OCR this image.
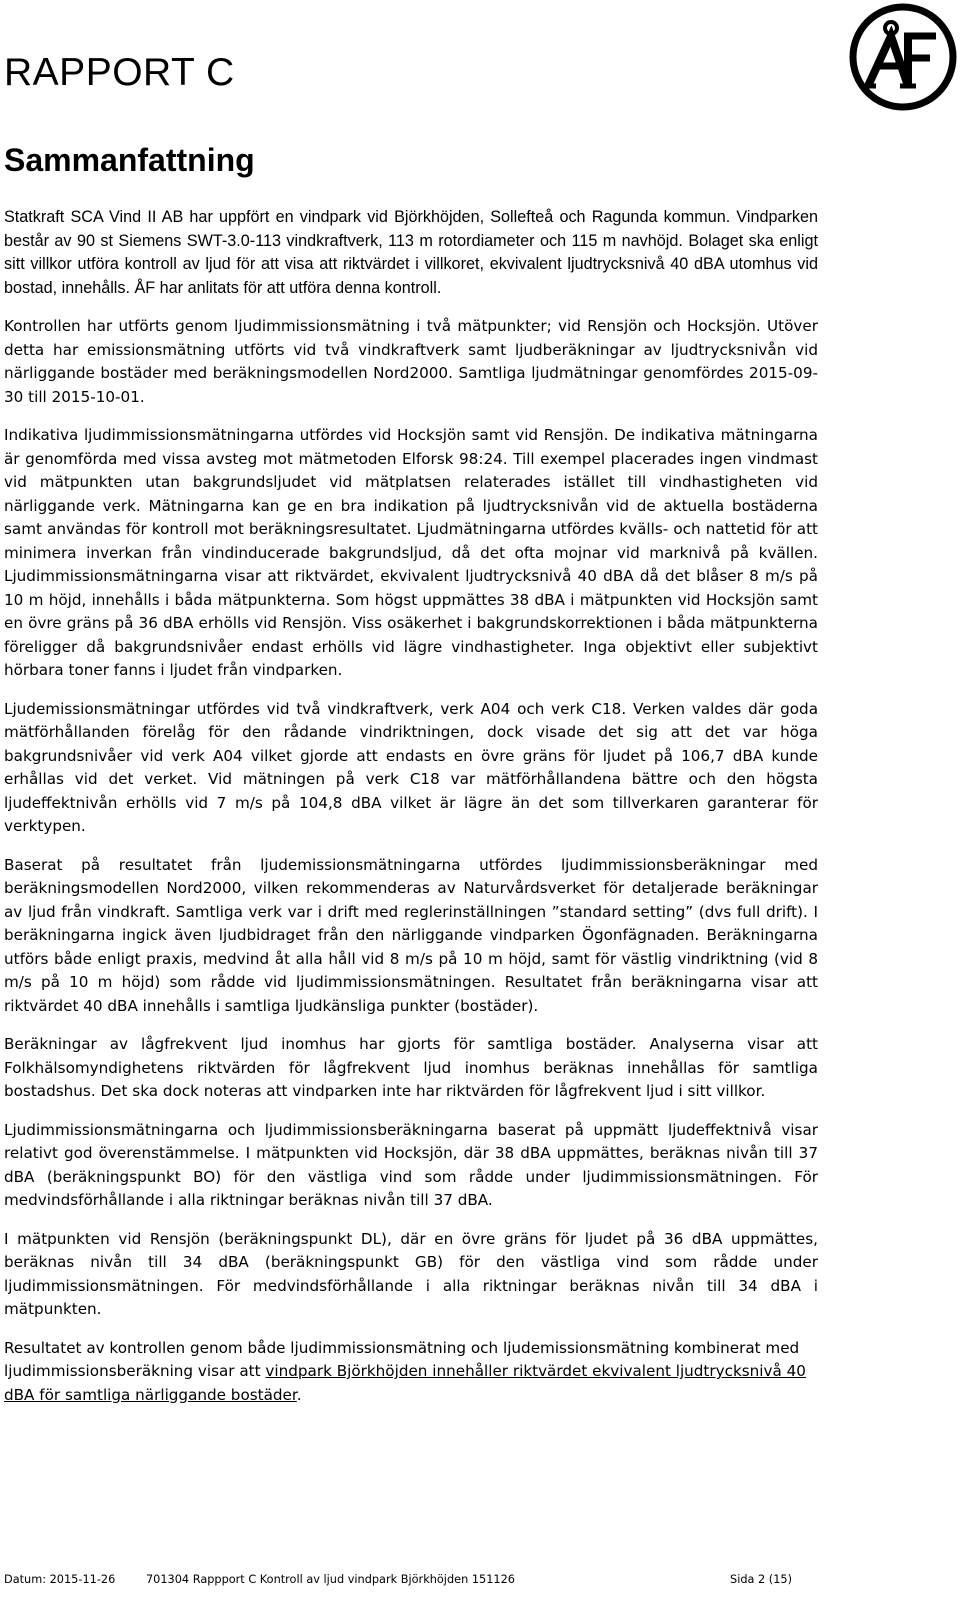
RAPPORT C
Sammanfattning

Statkraft SCA Vind II AB har uppfört en vindpark vid Björkhöjden, Sollefteå och Ragunda kommun. Vindparken består av 90 st Siemens SWT-3.0-113 vindkraftverk, 113 m rotordiameter och 115 m navhöjd. Bolaget ska enligt sitt villkor utföra kontroll av ljud för att visa att riktvärdet i villkoret, ekvivalent ljudtrycksnivå 40 dBA utomhus vid bostad, innehålls. ÅF har anlitats för att utföra denna kontroll.

Kontrollen har utförts genom ljudimmissionsmätning i två mätpunkter; vid Rensjön och Hocksjön. Utöver detta har emissionsmätning utförts vid två vindkraftverk samt ljudberäkningar av ljudtrycksnivån vid närliggande bostäder med beräkningsmodellen Nord2000. Samtliga ljudmätningar genomfördes 2015-09-30 till 2015-10-01.

Indikativa ljudimmissionsmätningarna utfördes vid Hocksjön samt vid Rensjön. De indikativa mätningarna är genomförda med vissa avsteg mot mätmetoden Elforsk 98:24. Till exempel placerades ingen vindmast vid mätpunkten utan bakgrundsljudet vid mätplatsen relaterades istället till vindhastigheten vid närliggande verk. Mätningarna kan ge en bra indikation på ljudtrycksnivån vid de aktuella bostäderna samt användas för kontroll mot beräkningsresultatet. Ljudmätningarna utfördes kvälls- och nattetid för att minimera inverkan från vindinducerade bakgrundsljud, då det ofta mojnar vid marknivå på kvällen. Ljudimmissionsmätningarna visar att riktvärdet, ekvivalent ljudtrycksnivå 40 dBA då det blåser 8 m/s på 10 m höjd, innehålls i båda mätpunkterna. Som högst uppmättes 38 dBA i mätpunkten vid Hocksjön samt en övre gräns på 36 dBA erhölls vid Rensjön. Viss osäkerhet i bakgrundskorrektionen i båda mätpunkterna föreligger då bakgrundsnivåer endast erhölls vid lägre vindhastigheter. Inga objektivt eller subjektivt hörbara toner fanns i ljudet från vindparken.

Ljudemissionsmätningar utfördes vid två vindkraftverk, verk A04 och verk C18. Verken valdes där goda mätförhållanden förelåg för den rådande vindriktningen, dock visade det sig att det var höga bakgrundsnivåer vid verk A04 vilket gjorde att endasts en övre gräns för ljudet på 106,7 dBA kunde erhållas vid det verket. Vid mätningen på verk C18 var mätförhållandena bättre och den högsta ljudeffektnivån erhölls vid 7 m/s på 104,8 dBA vilket är lägre än det som tillverkaren garanterar för verktypen.

Baserat på resultatet från ljudemissionsmätningarna utfördes ljudimmissionsberäkningar med beräkningsmodellen Nord2000, vilken rekommenderas av Naturvårdsverket för detaljerade beräkningar av ljud från vindkraft. Samtliga verk var i drift med reglerinställningen ”standard setting” (dvs full drift). I beräkningarna ingick även ljudbidraget från den närliggande vindparken Ögonfägnaden. Beräkningarna utförs både enligt praxis, medvind åt alla håll vid 8 m/s på 10 m höjd, samt för västlig vindriktning (vid 8 m/s på 10 m höjd) som rådde vid ljudimmissionsmätningen. Resultatet från beräkningarna visar att riktvärdet 40 dBA innehålls i samtliga ljudkänsliga punkter (bostäder).

Beräkningar av lågfrekvent ljud inomhus har gjorts för samtliga bostäder. Analyserna visar att Folkhälsomyndighetens riktvärden för lågfrekvent ljud inomhus beräknas innehållas för samtliga bostadshus. Det ska dock noteras att vindparken inte har riktvärden för lågfrekvent ljud i sitt villkor.

Ljudimmissionsmätningarna och ljudimmissionsberäkningarna baserat på uppmätt ljudeffektnivå visar relativt god överenstämmelse. I mätpunkten vid Hocksjön, där 38 dBA uppmättes, beräknas nivån till 37 dBA (beräkningspunkt BO) för den västliga vind som rådde under ljudimmissionsmätningen. För medvindsförhållande i alla riktningar beräknas nivån till 37 dBA.

I mätpunkten vid Rensjön (beräkningspunkt DL), där en övre gräns för ljudet på 36 dBA uppmättes, beräknas nivån till 34 dBA (beräkningspunkt GB) för den västliga vind som rådde under ljudimmissionsmätningen. För medvindsförhållande i alla riktningar beräknas nivån till 34 dBA i mätpunkten.

Resultatet av kontrollen genom både ljudimmissionsmätning och ljudemissionsmätning kombinerat med ljudimmissionsberäkning visar att vindpark Björkhöjden innehåller riktvärdet ekvivalent ljudtrycksnivå 40 dBA för samtliga närliggande bostäder.

Datum: 2015-11-26	701304 Rappport C Kontroll av ljud vindpark Björkhöjden 151126	Sida 2 (15)
